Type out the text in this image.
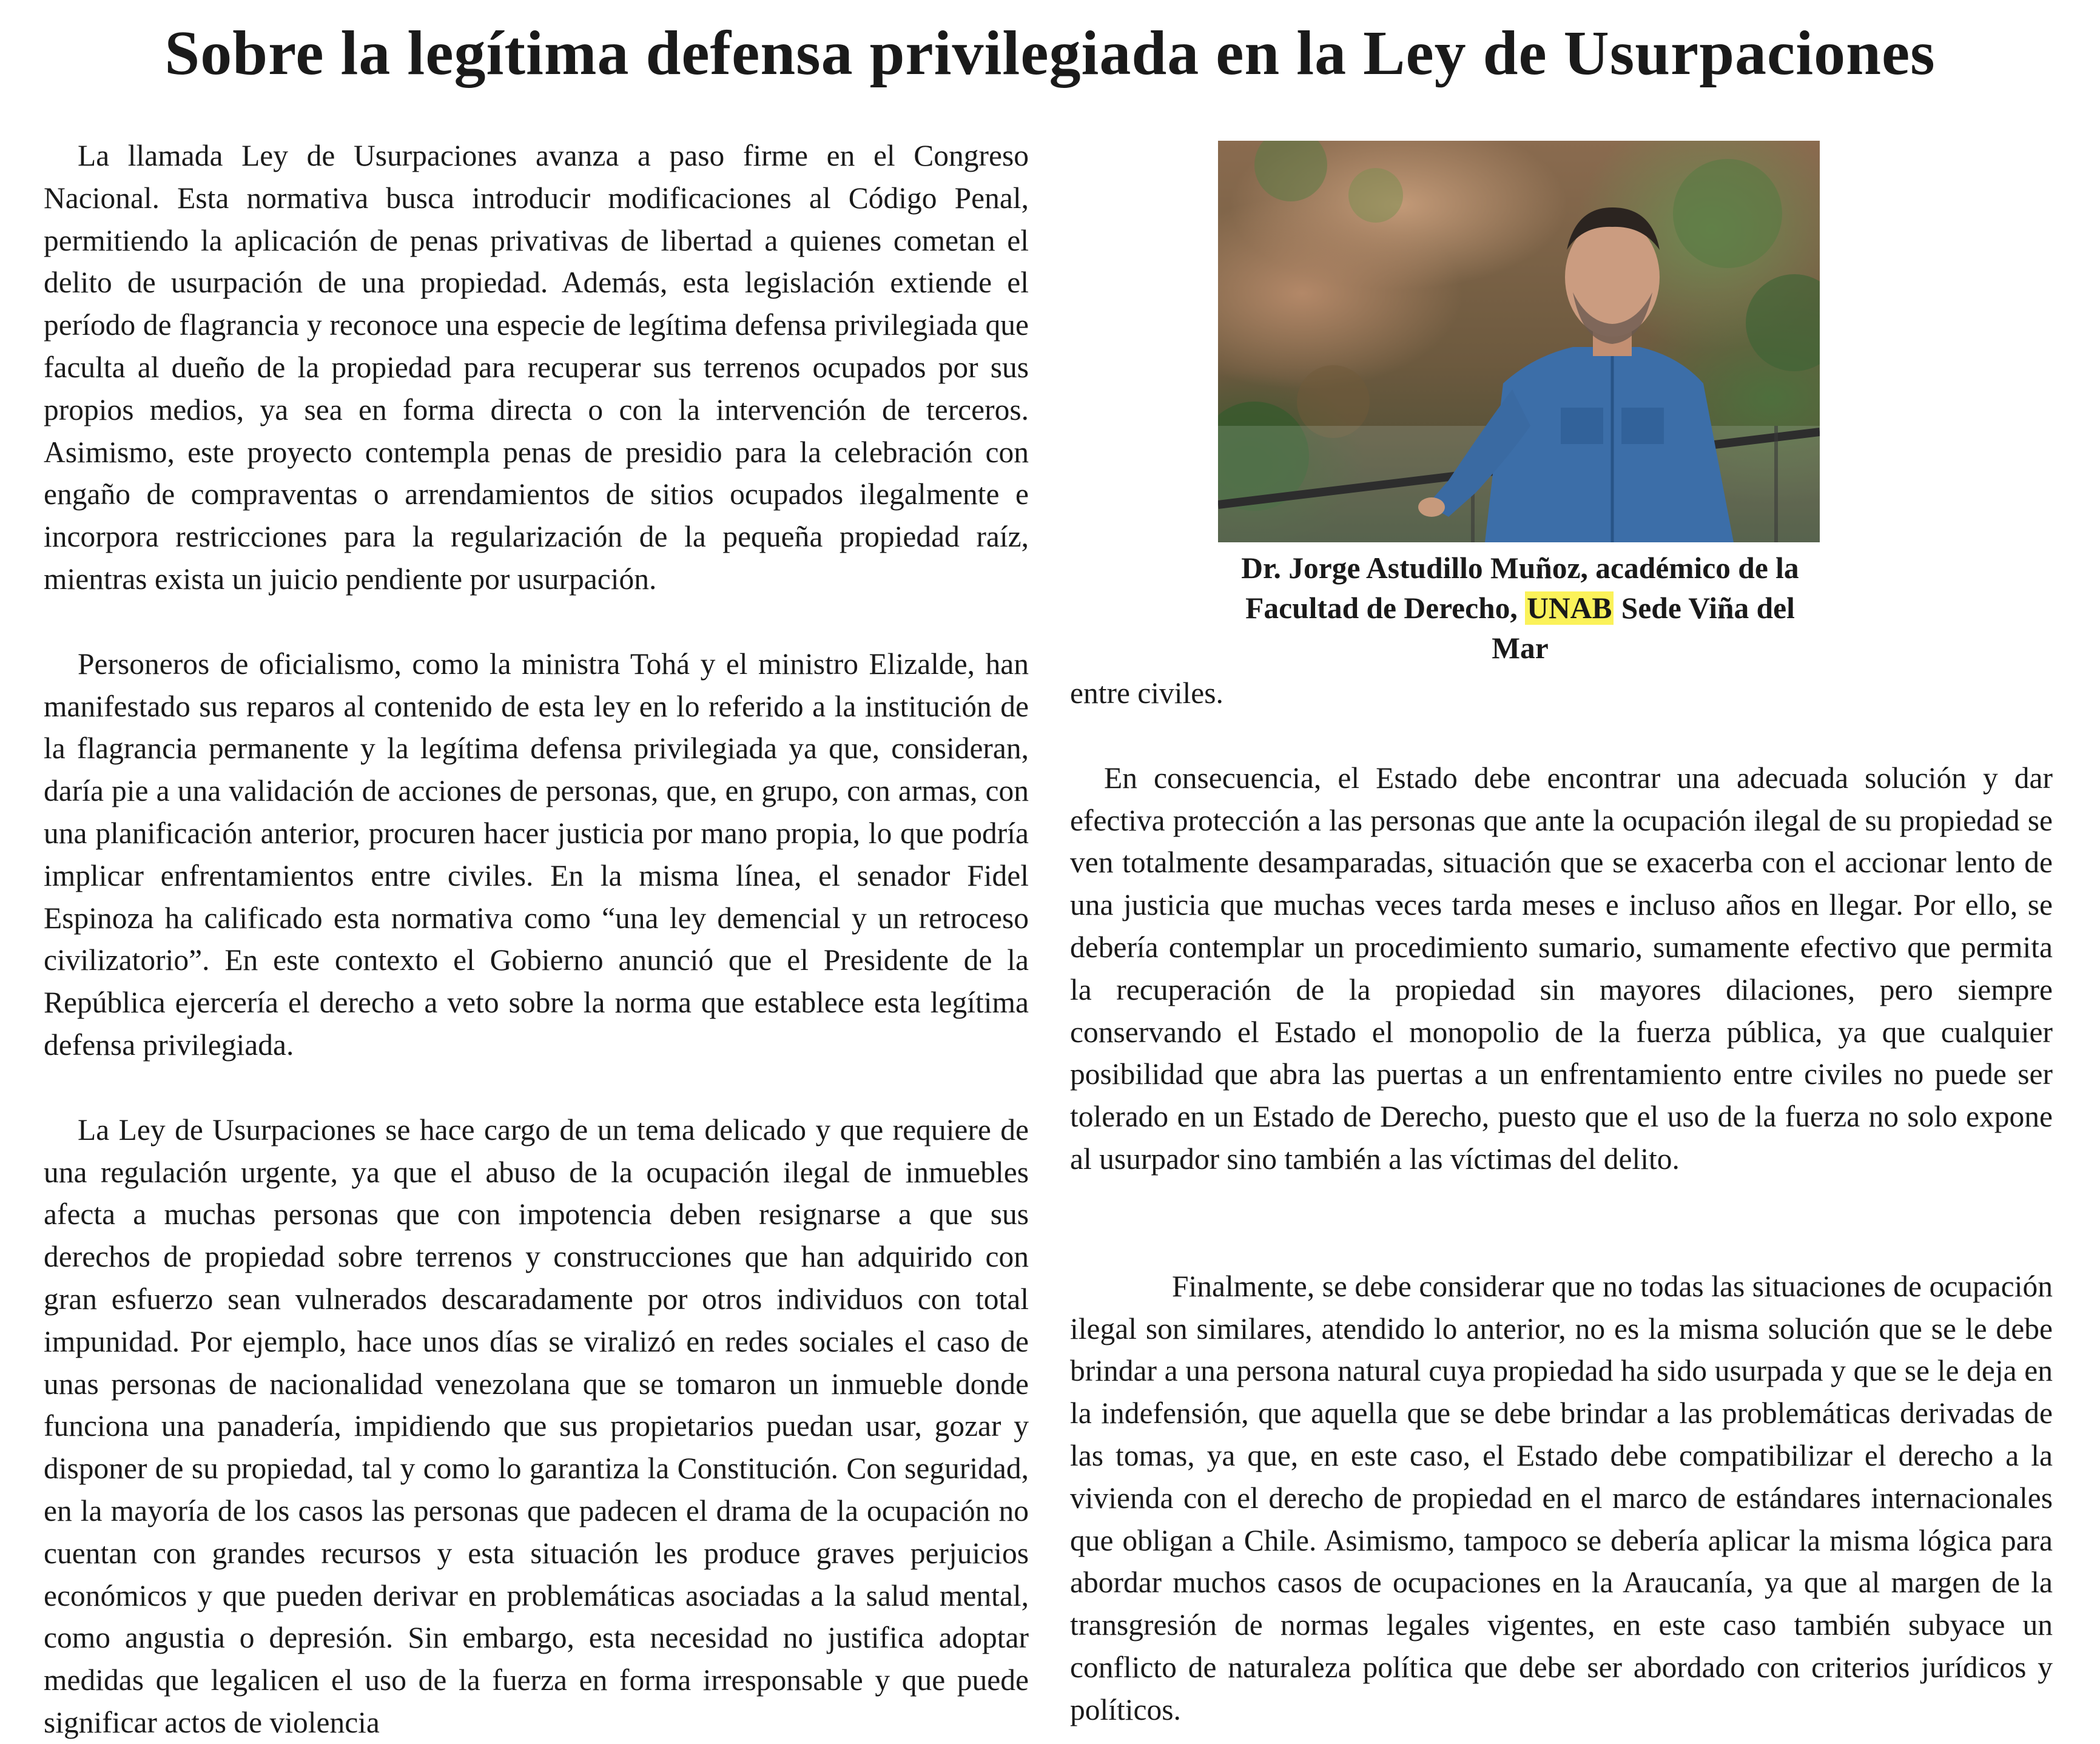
Sobre la legítima defensa privilegiada en la Ley de Usurpaciones

La llamada Ley de Usurpaciones avanza a paso firme en el Congreso Nacional. Esta normativa busca introducir modificaciones al Código Penal, permitiendo la aplicación de penas privativas de libertad a quienes cometan el delito de usurpación de una propiedad. Además, esta legislación extiende el período de flagrancia y reconoce una especie de legítima defensa privilegiada que faculta al dueño de la propiedad para recuperar sus terrenos ocupados por sus propios medios, ya sea en forma directa o con la intervención de terceros. Asimismo, este proyecto contempla penas de presidio para la celebración con engaño de compraventas o arrendamientos de sitios ocupados ilegalmente e incorpora restricciones para la regularización de la pequeña propiedad raíz, mientras exista un juicio pendiente por usurpación.

Personeros de oficialismo, como la ministra Tohá y el ministro Elizalde, han manifestado sus reparos al contenido de esta ley en lo referido a la institución de la flagrancia permanente y la legítima defensa privilegiada ya que, consideran, daría pie a una validación de acciones de personas, que, en grupo, con armas, con una planificación anterior, procuren hacer justicia por mano propia, lo que podría implicar enfrentamientos entre civiles. En la misma línea, el senador Fidel Espinoza ha calificado esta normativa como “una ley demencial y un retroceso civilizatorio”. En este contexto el Gobierno anunció que el Presidente de la República ejercería el derecho a veto sobre la norma que establece esta legítima defensa privilegiada.

La Ley de Usurpaciones se hace cargo de un tema delicado y que requiere de una regulación urgente, ya que el abuso de la ocupación ilegal de inmuebles afecta a muchas personas que con impotencia deben resignarse a que sus derechos de propiedad sobre terrenos y construcciones que han adquirido con gran esfuerzo sean vulnerados descaradamente por otros individuos con total impunidad. Por ejemplo, hace unos días se viralizó en redes sociales el caso de unas personas de nacionalidad venezolana que se tomaron un inmueble donde funciona una panadería, impidiendo que sus propietarios puedan usar, gozar y disponer de su propiedad, tal y como lo garantiza la Constitución. Con seguridad, en la mayoría de los casos las personas que padecen el drama de la ocupación no cuentan con grandes recursos y esta situación les produce graves perjuicios económicos y que pueden derivar en problemáticas asociadas a la salud mental, como angustia o depresión. Sin embargo, esta necesidad no justifica adoptar medidas que legalicen el uso de la fuerza en forma irresponsable y que puede significar actos de violencia

Dr. Jorge Astudillo Muñoz, académico de la Facultad de Derecho, UNAB Sede Viña del Mar

entre civiles.

En consecuencia, el Estado debe encontrar una adecuada solución y dar efectiva protección a las personas que ante la ocupación ilegal de su propiedad se ven totalmente desamparadas, situación que se exacerba con el accionar lento de una justicia que muchas veces tarda meses e incluso años en llegar. Por ello, se debería contemplar un procedimiento sumario, sumamente efectivo que permita la recuperación de la propiedad sin mayores dilaciones, pero siempre conservando el Estado el monopolio de la fuerza pública, ya que cualquier posibilidad que abra las puertas a un enfrentamiento entre civiles no puede ser tolerado en un Estado de Derecho, puesto que el uso de la fuerza no solo expone al usurpador sino también a las víctimas del delito.

Finalmente, se debe considerar que no todas las situaciones de ocupación ilegal son similares, atendido lo anterior, no es la misma solución que se le debe brindar a una persona natural cuya propiedad ha sido usurpada y que se le deja en la indefensión, que aquella que se debe brindar a las problemáticas derivadas de las tomas, ya que, en este caso, el Estado debe compatibilizar el derecho a la vivienda con el derecho de propiedad en el marco de estándares internacionales que obligan a Chile. Asimismo, tampoco se debería aplicar la misma lógica para abordar muchos casos de ocupaciones en la Araucanía, ya que al margen de la transgresión de normas legales vigentes, en este caso también subyace un conflicto de naturaleza política que debe ser abordado con criterios jurídicos y políticos.
